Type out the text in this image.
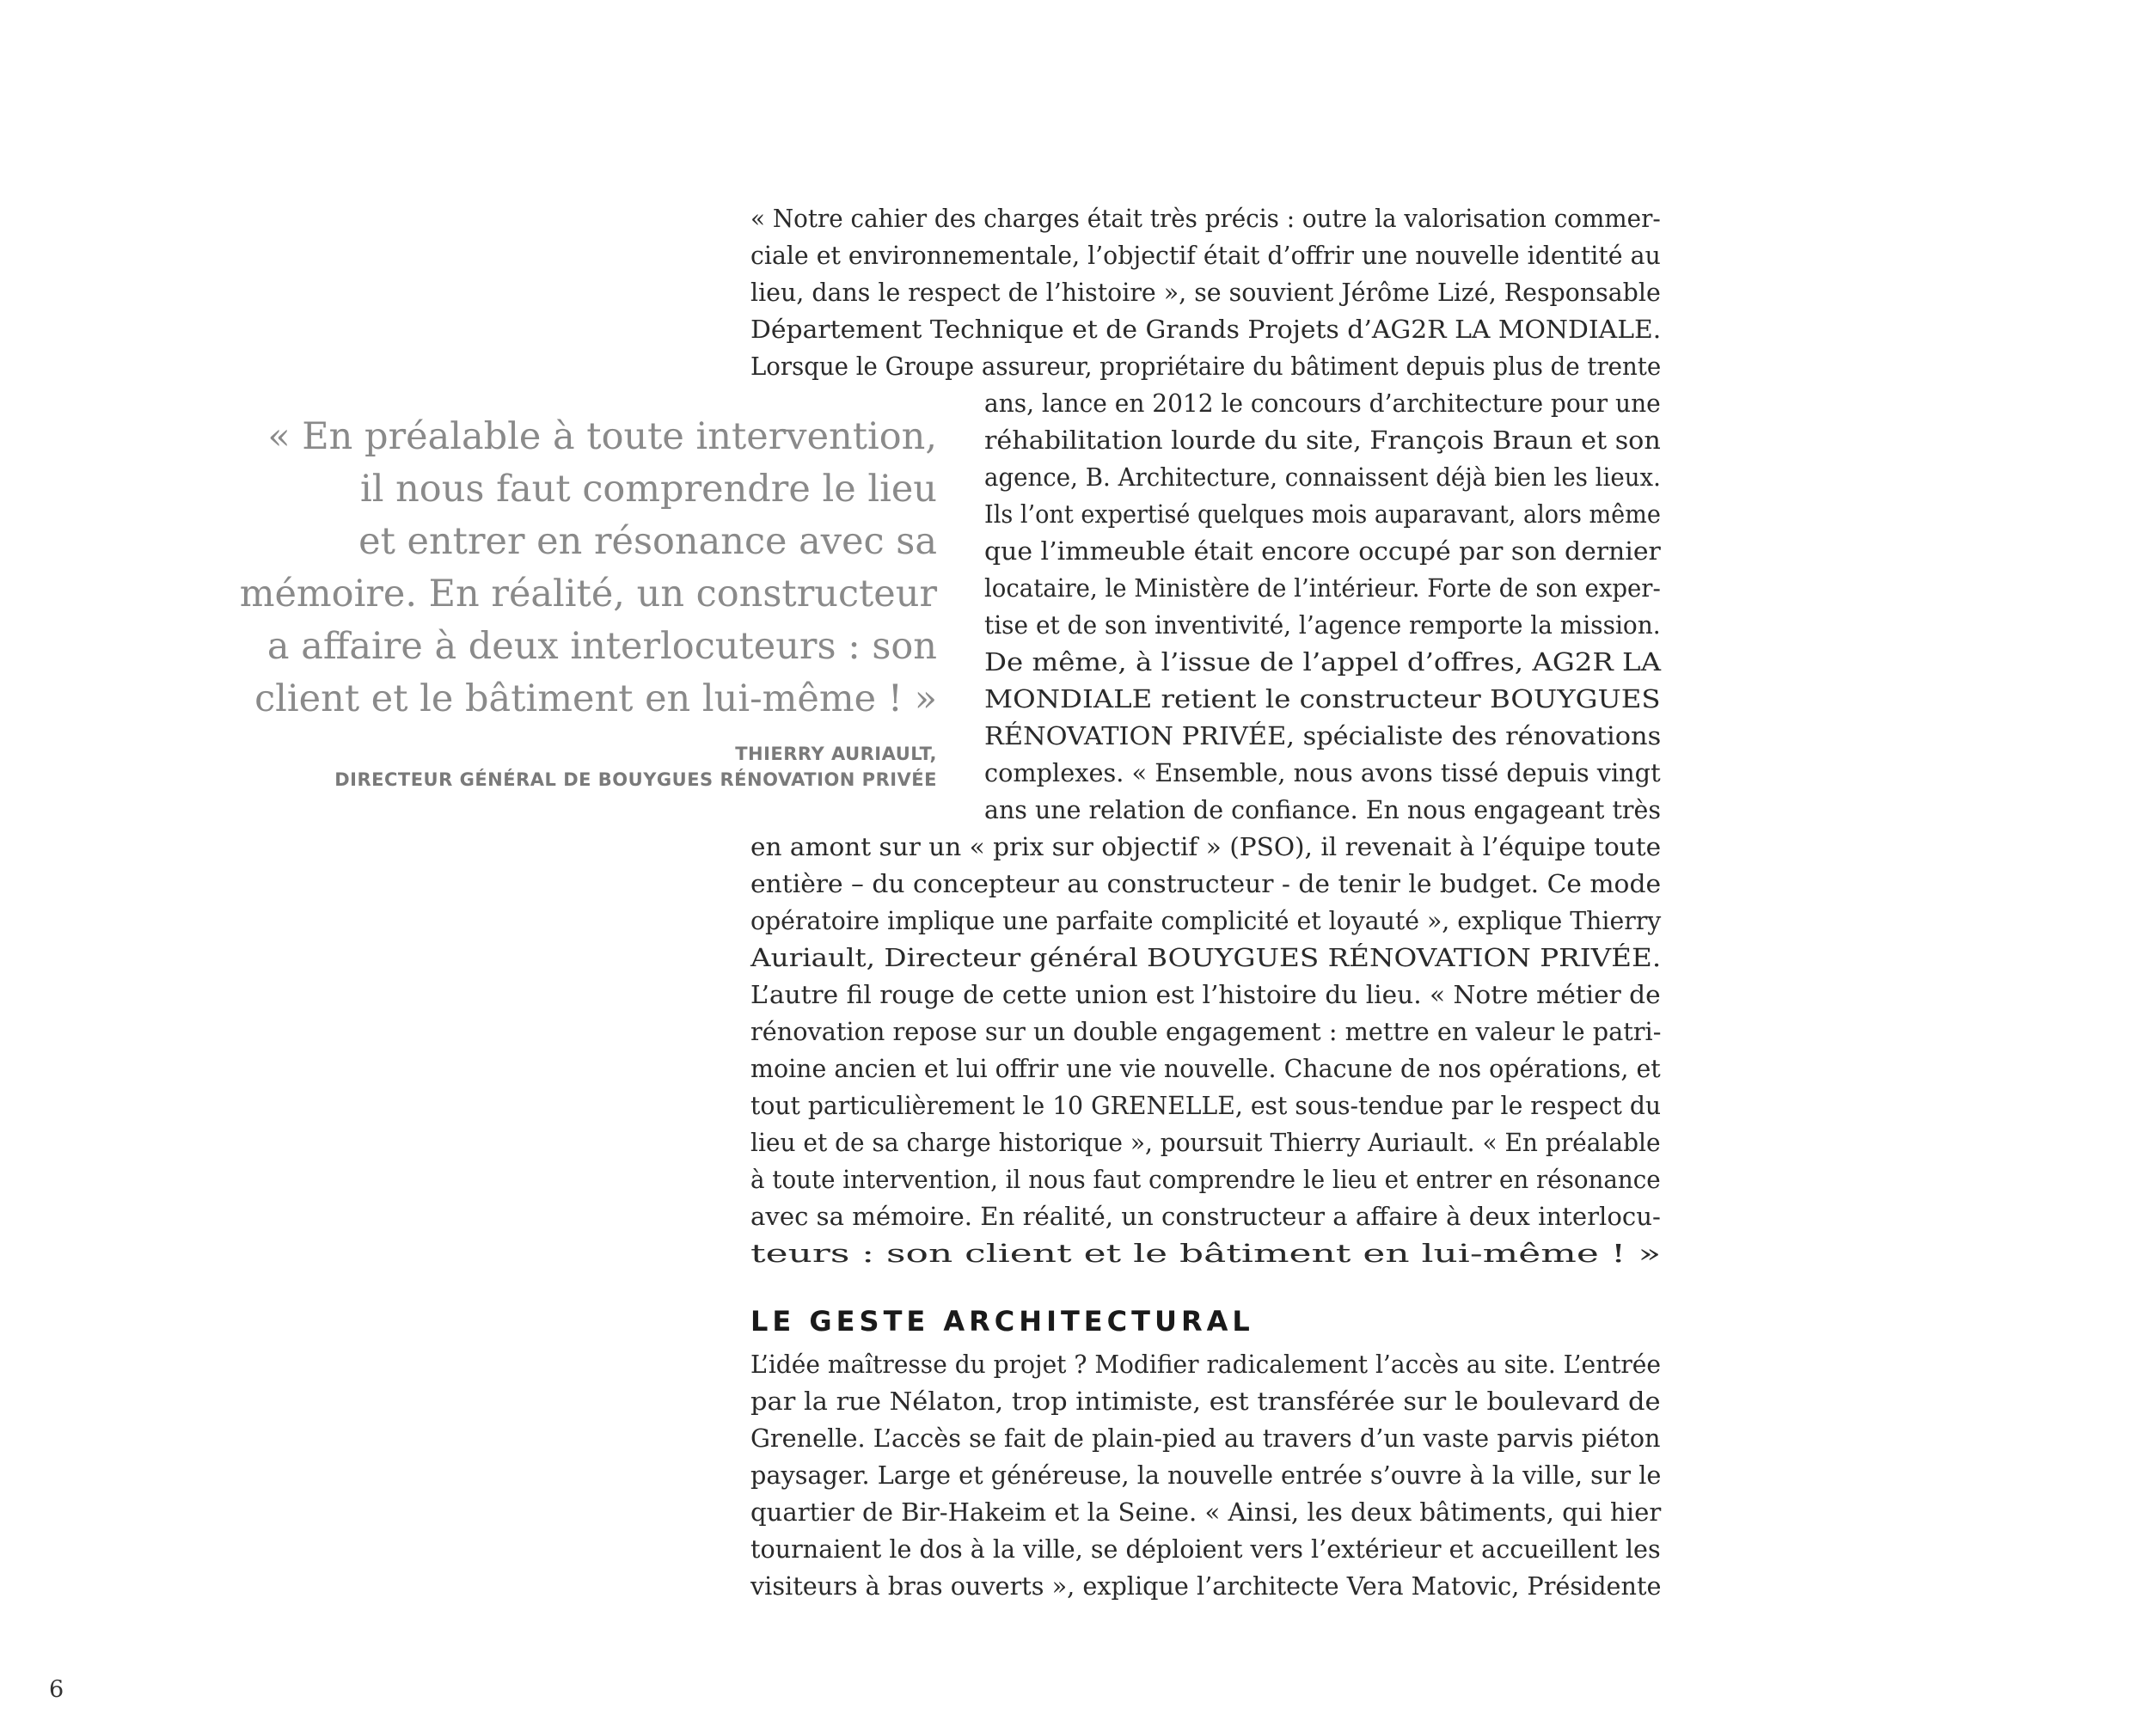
« En préalable à toute intervention,
il nous faut comprendre le lieu
et entrer en résonance avec sa
mémoire. En réalité, un constructeur
a affaire à deux interlocuteurs : son
client et le bâtiment en lui-même ! »
THIERRY AURIAULT,
DIRECTEUR GÉNÉRAL DE BOUYGUES RÉNOVATION PRIVÉE
« Notre cahier des charges était très précis : outre la valorisation commer-
ciale et environnementale, l’objectif était d’offrir une nouvelle identité au
lieu, dans le respect de l’histoire », se souvient Jérôme Lizé, Responsable
Département Technique et de Grands Projets d’AG2R LA MONDIALE.
Lorsque le Groupe assureur, propriétaire du bâtiment depuis plus de trente
ans, lance en 2012 le concours d’architecture pour une
réhabilitation lourde du site, François Braun et son
agence, B. Architecture, connaissent déjà bien les lieux.
Ils l’ont expertisé quelques mois auparavant, alors même
que l’immeuble était encore occupé par son dernier
locataire, le Ministère de l’intérieur. Forte de son exper-
tise et de son inventivité, l’agence remporte la mission.
De même, à l’issue de l’appel d’offres, AG2R LA
MONDIALE retient le constructeur BOUYGUES
RÉNOVATION PRIVÉE, spécialiste des rénovations
complexes. « Ensemble, nous avons tissé depuis vingt
ans une relation de confiance. En nous engageant très
en amont sur un « prix sur objectif » (PSO), il revenait à l’équipe toute
entière – du concepteur au constructeur - de tenir le budget. Ce mode
opératoire implique une parfaite complicité et loyauté », explique Thierry
Auriault, Directeur général BOUYGUES RÉNOVATION PRIVÉE.
L’autre fil rouge de cette union est l’histoire du lieu. « Notre métier de
rénovation repose sur un double engagement : mettre en valeur le patri-
moine ancien et lui offrir une vie nouvelle. Chacune de nos opérations, et
tout particulièrement le 10 GRENELLE, est sous-tendue par le respect du
lieu et de sa charge historique », poursuit Thierry Auriault. « En préalable
à toute intervention, il nous faut comprendre le lieu et entrer en résonance
avec sa mémoire. En réalité, un constructeur a affaire à deux interlocu-
teurs : son client et le bâtiment en lui-même ! »
LE GESTE ARCHITECTURAL
L’idée maîtresse du projet ? Modifier radicalement l’accès au site. L’entrée
par la rue Nélaton, trop intimiste, est transférée sur le boulevard de
Grenelle. L’accès se fait de plain-pied au travers d’un vaste parvis piéton
paysager. Large et généreuse, la nouvelle entrée s’ouvre à la ville, sur le
quartier de Bir-Hakeim et la Seine. « Ainsi, les deux bâtiments, qui hier
tournaient le dos à la ville, se déploient vers l’extérieur et accueillent les
visiteurs à bras ouverts », explique l’architecte Vera Matovic, Présidente
6
